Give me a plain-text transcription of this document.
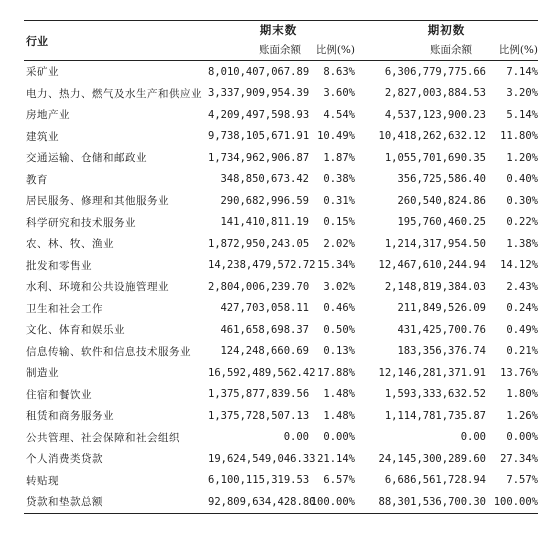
行业	期末数		期初数	
	账面余额	比例(%)	账面余额	比例(%)
采矿业	8,010,407,067.89	8.63%	6,306,779,775.66	7.14%
电力、热力、燃气及水生产和供应业	3,337,909,954.39	3.60%	2,827,003,884.53	3.20%
房地产业	4,209,497,598.93	4.54%	4,537,123,900.23	5.14%
建筑业	9,738,105,671.91	10.49%	10,418,262,632.12	11.80%
交通运输、仓储和邮政业	1,734,962,906.87	1.87%	1,055,701,690.35	1.20%
教育	348,850,673.42	0.38%	356,725,586.40	0.40%
居民服务、修理和其他服务业	290,682,996.59	0.31%	260,540,824.86	0.30%
科学研究和技术服务业	141,410,811.19	0.15%	195,760,460.25	0.22%
农、林、牧、渔业	1,872,950,243.05	2.02%	1,214,317,954.50	1.38%
批发和零售业	14,238,479,572.72	15.34%	12,467,610,244.94	14.12%
水利、环境和公共设施管理业	2,804,006,239.70	3.02%	2,148,819,384.03	2.43%
卫生和社会工作	427,703,058.11	0.46%	211,849,526.09	0.24%
文化、体育和娱乐业	461,658,698.37	0.50%	431,425,700.76	0.49%
信息传输、软件和信息技术服务业	124,248,660.69	0.13%	183,356,376.74	0.21%
制造业	16,592,489,562.42	17.88%	12,146,281,371.91	13.76%
住宿和餐饮业	1,375,877,839.56	1.48%	1,593,333,632.52	1.80%
租赁和商务服务业	1,375,728,507.13	1.48%	1,114,781,735.87	1.26%
公共管理、社会保障和社会组织	0.00	0.00%	0.00	0.00%
个人消费类贷款	19,624,549,046.33	21.14%	24,145,300,289.60	27.34%
转贴现	6,100,115,319.53	6.57%	6,686,561,728.94	7.57%
贷款和垫款总额	92,809,634,428.80	100.00%	88,301,536,700.30	100.00%
